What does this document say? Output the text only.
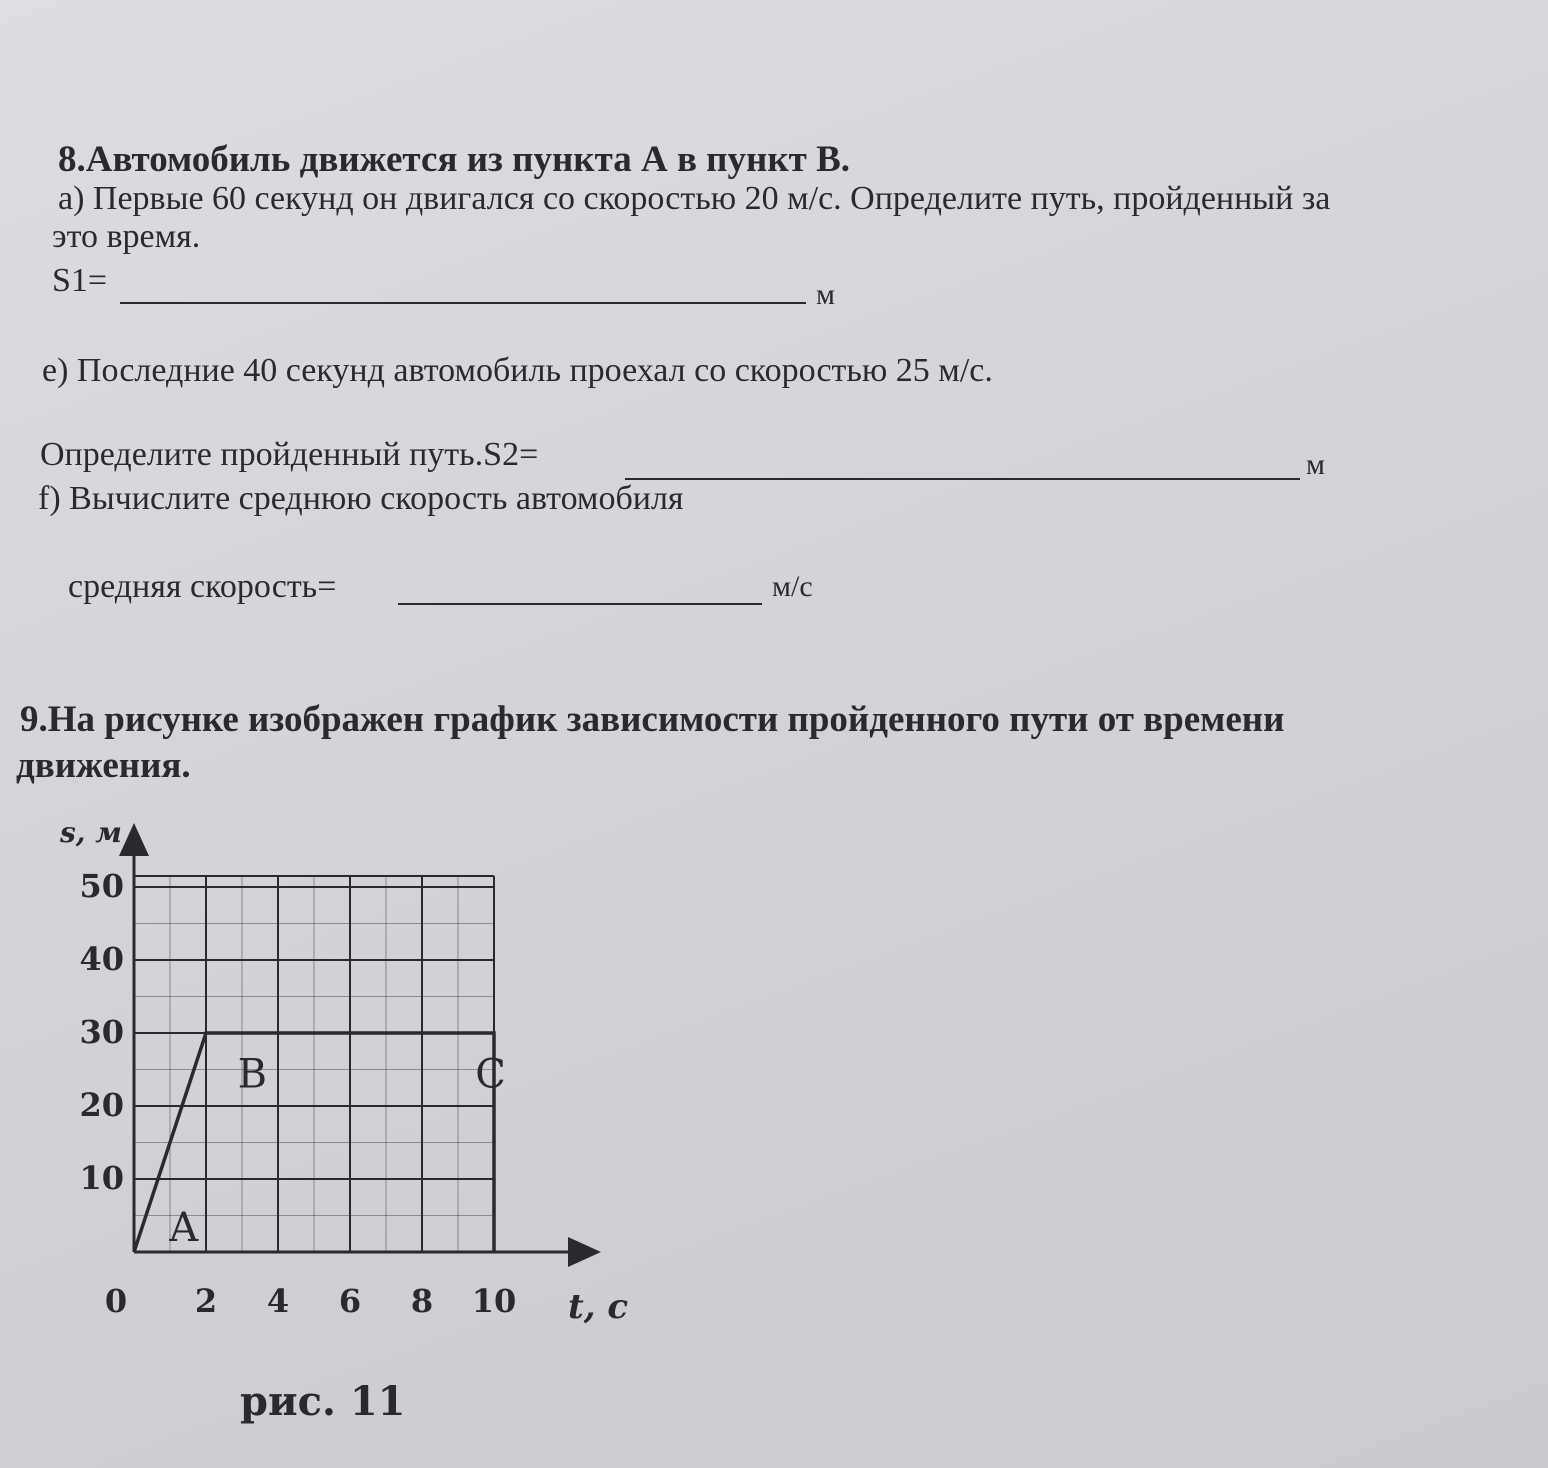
8.Автомобиль движется из пункта А в пункт В.
а) Первые 60 секунд он двигался со скоростью 20 м/с. Определите путь, пройденный за
это время.
S1=	м
е) Последние 40 секунд автомобиль проехал со скоростью 25 м/с.
Определите пройденный путь.S2=	м
f) Вычислите среднюю скорость автомобиля
средняя скорость=	м/с
9.На рисунке изображен график зависимости пройденного пути от времени
движения.
10
20
30
40
50
0 2 4 6 8 10
s, м
t, с
A
B	C
рис. 11
